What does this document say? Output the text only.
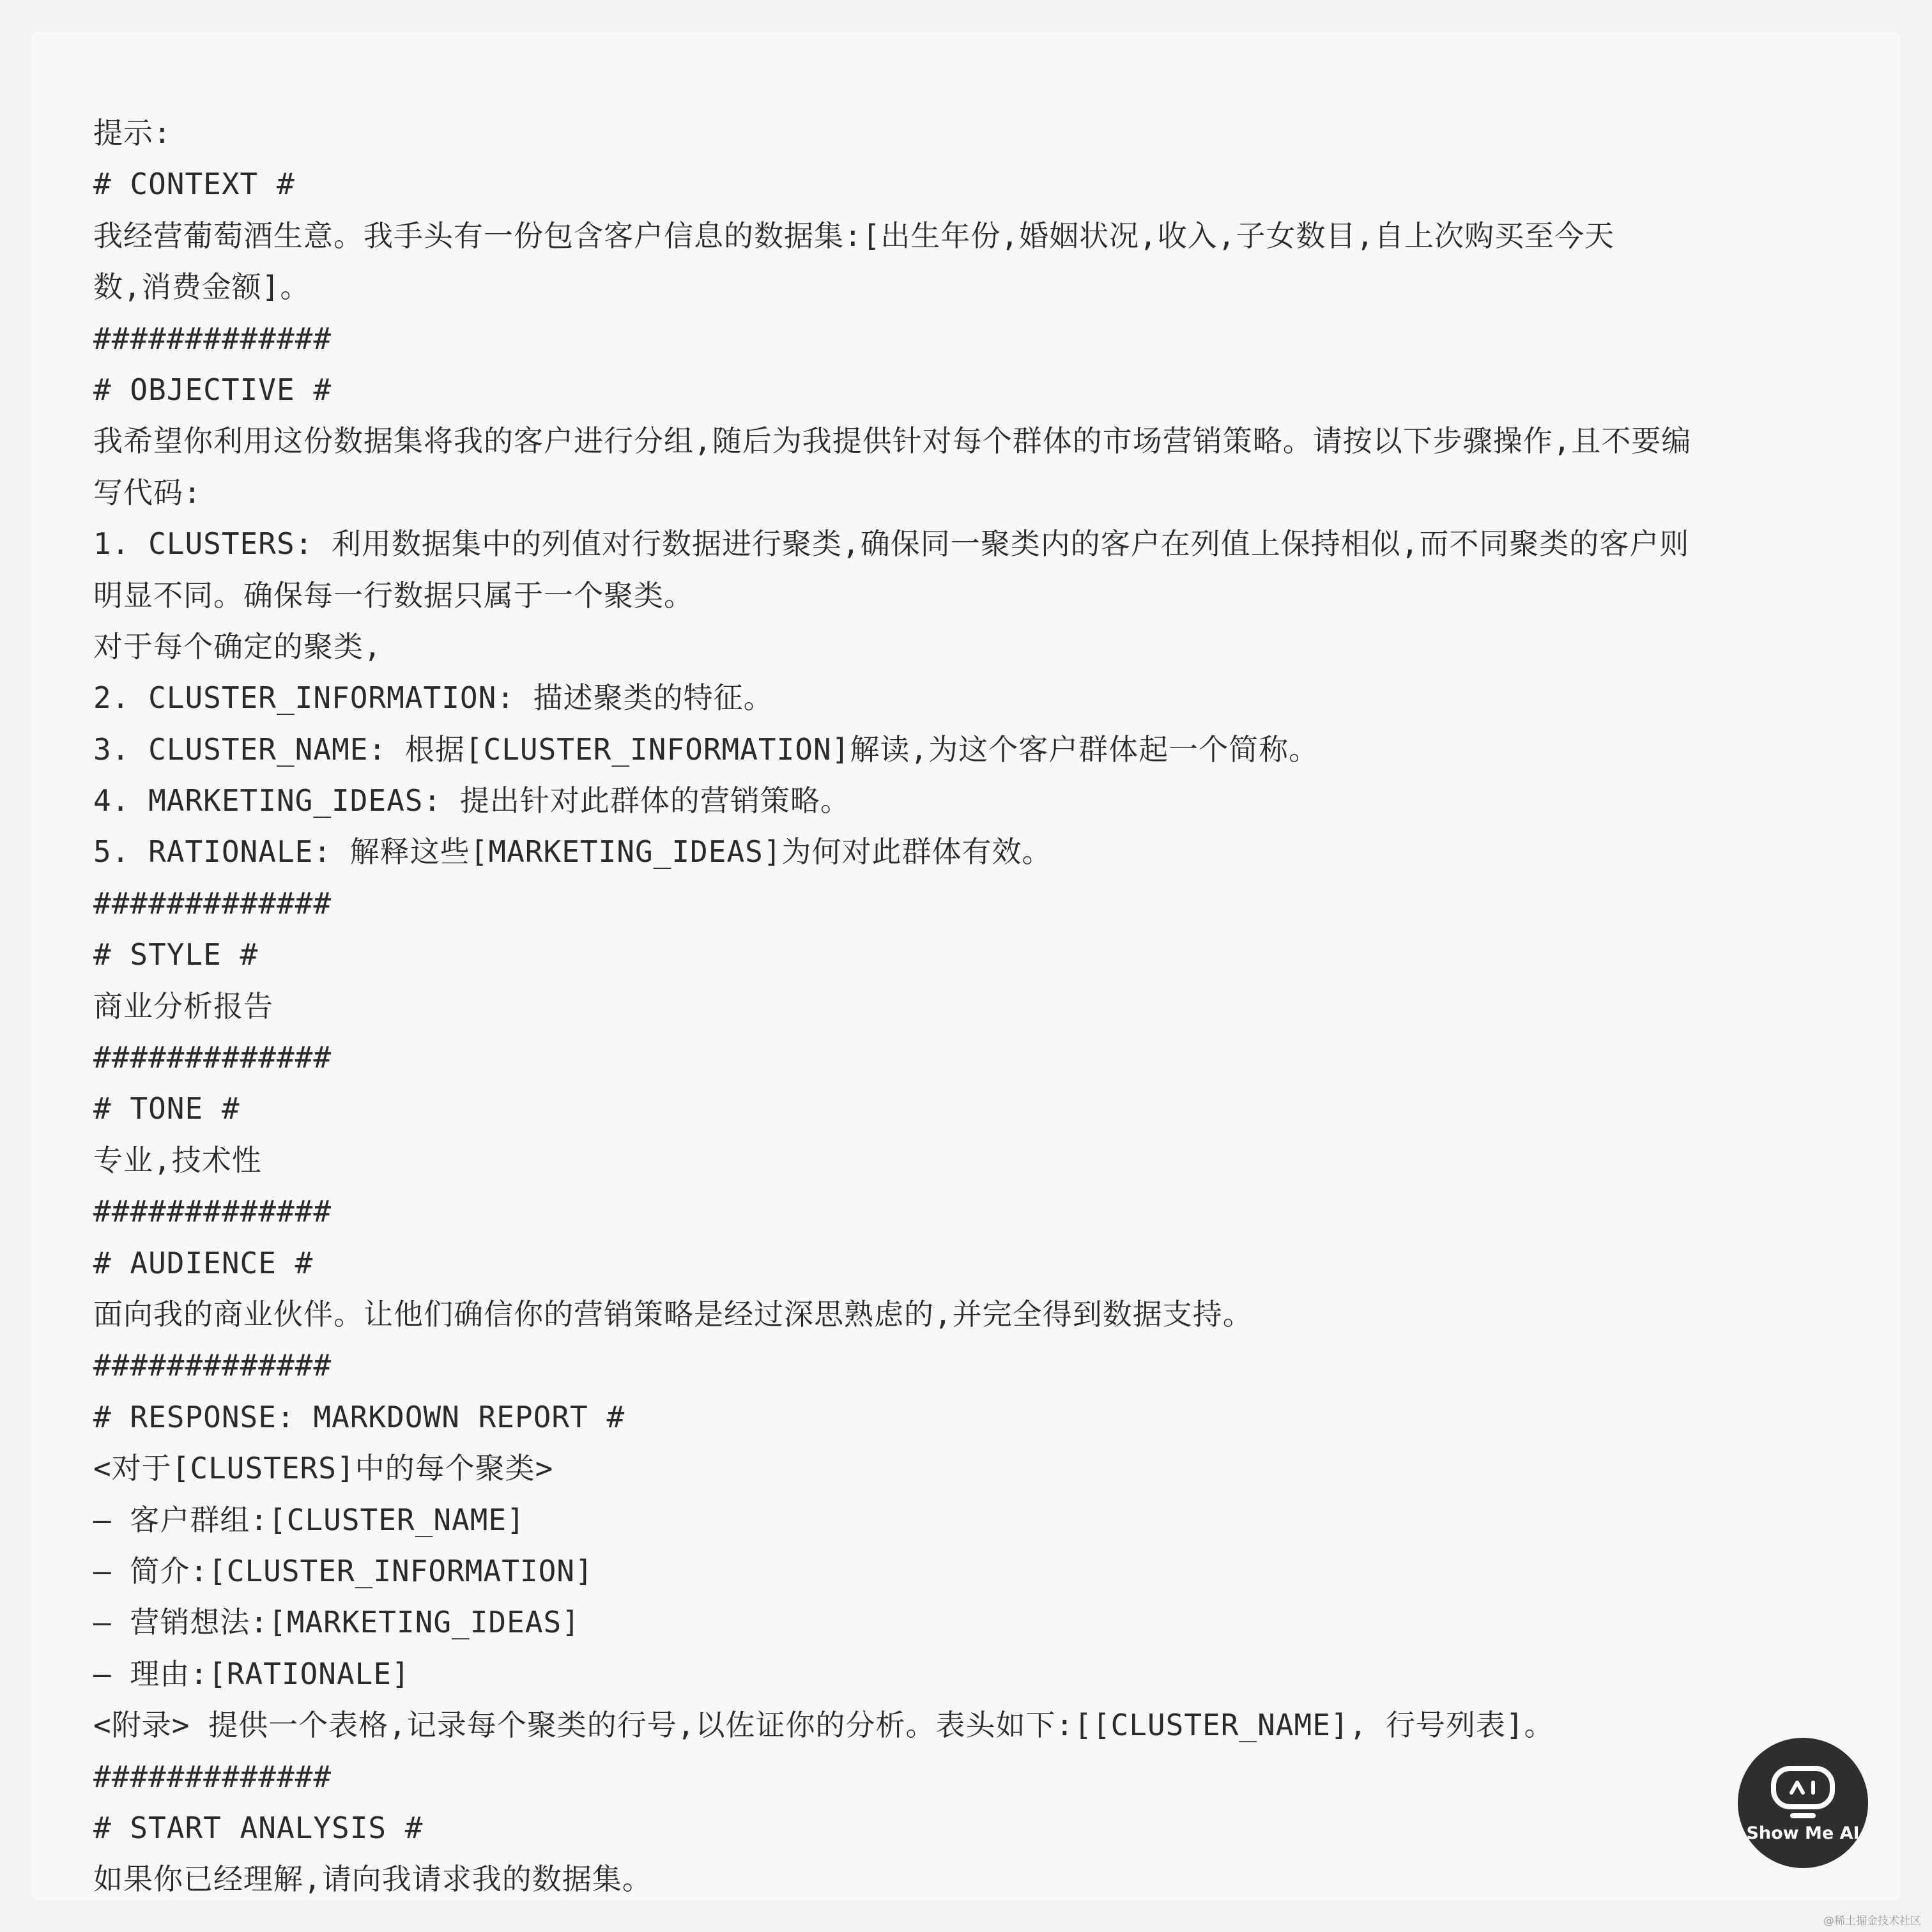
提示:
# CONTEXT #
我经营葡萄酒生意。我手头有一份包含客户信息的数据集:[出生年份,婚姻状况,收入,子女数目,自上次购买至今天
数,消费金额]。
#############
# OBJECTIVE #
我希望你利用这份数据集将我的客户进行分组,随后为我提供针对每个群体的市场营销策略。请按以下步骤操作,且不要编
写代码:
1. CLUSTERS: 利用数据集中的列值对行数据进行聚类,确保同一聚类内的客户在列值上保持相似,而不同聚类的客户则
明显不同。确保每一行数据只属于一个聚类。
对于每个确定的聚类,
2. CLUSTER_INFORMATION: 描述聚类的特征。
3. CLUSTER_NAME: 根据[CLUSTER_INFORMATION]解读,为这个客户群体起一个简称。
4. MARKETING_IDEAS: 提出针对此群体的营销策略。
5. RATIONALE: 解释这些[MARKETING_IDEAS]为何对此群体有效。
#############
# STYLE #
商业分析报告
#############
# TONE #
专业,技术性
#############
# AUDIENCE #
面向我的商业伙伴。让他们确信你的营销策略是经过深思熟虑的,并完全得到数据支持。
#############
# RESPONSE: MARKDOWN REPORT #
<对于[CLUSTERS]中的每个聚类>
— 客户群组:[CLUSTER_NAME]
— 简介:[CLUSTER_INFORMATION]
— 营销想法:[MARKETING_IDEAS]
— 理由:[RATIONALE]
<附录> 提供一个表格,记录每个聚类的行号,以佐证你的分析。表头如下:[[CLUSTER_NAME], 行号列表]。
#############
# START ANALYSIS #
如果你已经理解,请向我请求我的数据集。
Show Me AI
@稀土掘金技术社区
